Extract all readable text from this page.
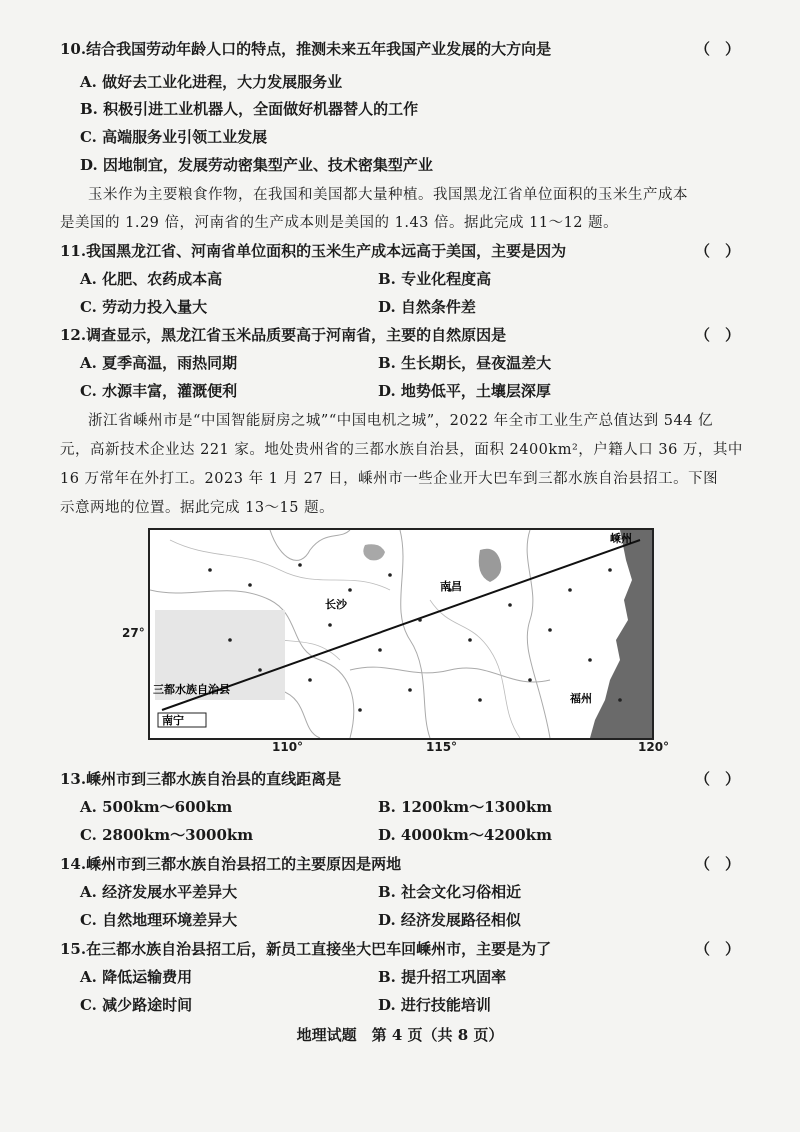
10.结合我国劳动年龄人口的特点，推测未来五年我国产业发展的大方向是	（　）
A. 做好去工业化进程，大力发展服务业
B. 积极引进工业机器人，全面做好机器替人的工作
C. 高端服务业引领工业发展
D. 因地制宜，发展劳动密集型产业、技术密集型产业
玉米作为主要粮食作物，在我国和美国都大量种植。我国黑龙江省单位面积的玉米生产成本
是美国的 1.29 倍，河南省的生产成本则是美国的 1.43 倍。据此完成 11～12 题。
11.我国黑龙江省、河南省单位面积的玉米生产成本远高于美国，主要是因为	（　）
A. 化肥、农药成本高	B. 专业化程度高
C. 劳动力投入量大	D. 自然条件差
12.调查显示，黑龙江省玉米品质要高于河南省，主要的自然原因是	（　）
A. 夏季高温，雨热同期	B. 生长期长，昼夜温差大
C. 水源丰富，灌溉便利	D. 地势低平，土壤层深厚
浙江省嵊州市是“中国智能厨房之城”“中国电机之城”，2022 年全市工业生产总值达到 544 亿
元，高新技术企业达 221 家。地处贵州省的三都水族自治县，面积 2400km²，户籍人口 36 万，其中
16 万常年在外打工。2023 年 1 月 27 日，嵊州市一些企业开大巴车到三都水族自治县招工。下图
示意两地的位置。据此完成 13～15 题。
嵊州
长沙
南昌
福州
三都水族自治县
南宁
27°
110°	115°	120°
13.嵊州市到三都水族自治县的直线距离是	（　）
A. 500km～600km	B. 1200km～1300km
C. 2800km～3000km	D. 4000km～4200km
14.嵊州市到三都水族自治县招工的主要原因是两地	（　）
A. 经济发展水平差异大	B. 社会文化习俗相近
C. 自然地理环境差异大	D. 经济发展路径相似
15.在三都水族自治县招工后，新员工直接坐大巴车回嵊州市，主要是为了	（　）
A. 降低运输费用	B. 提升招工巩固率
C. 减少路途时间	D. 进行技能培训
地理试题　第 4 页（共 8 页）
